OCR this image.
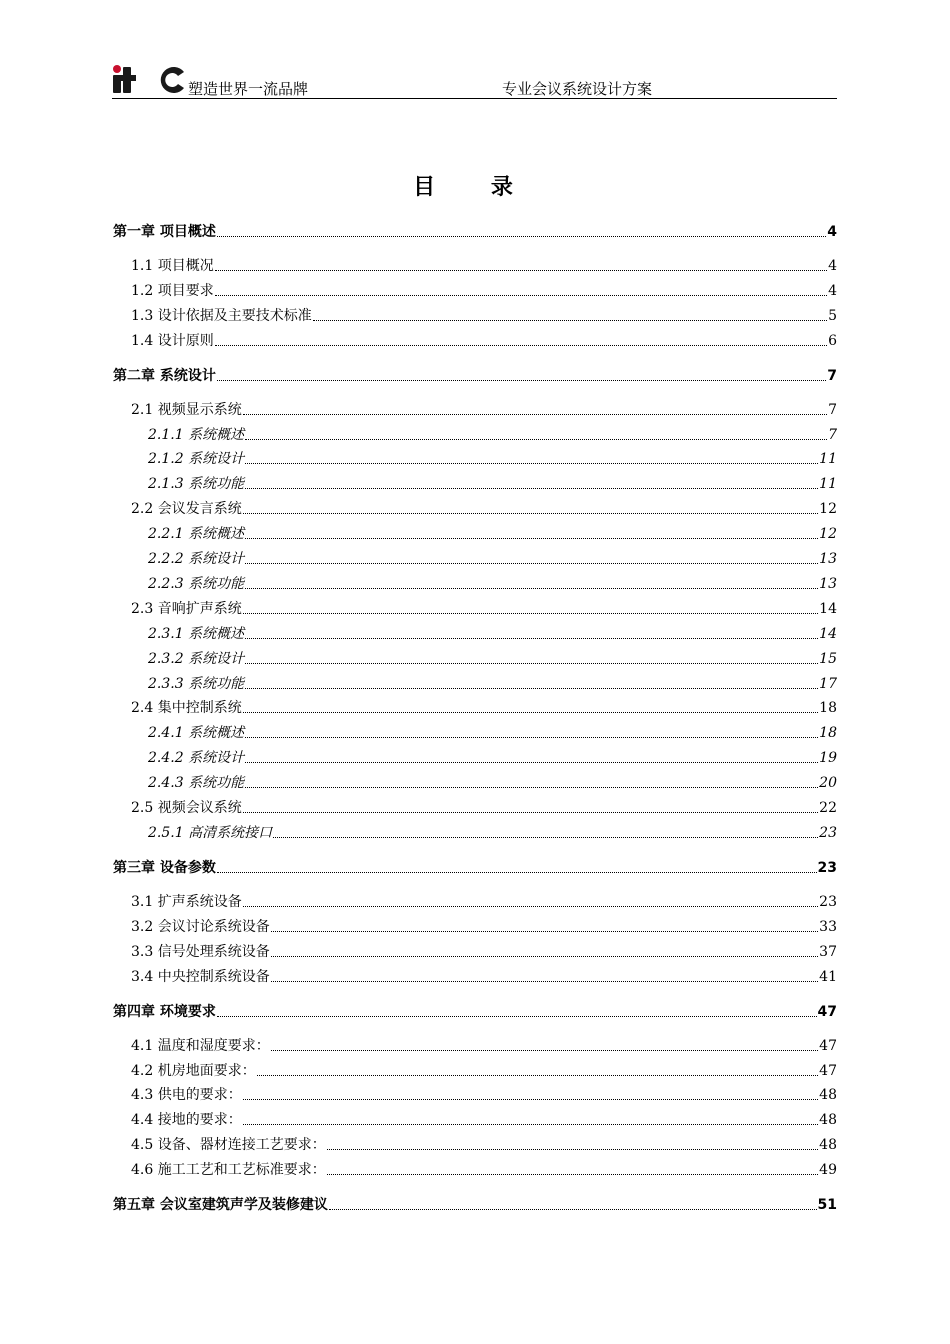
塑造世界一流品牌	专业会议系统设计方案
目 录
第一章 项目概述	4
1.1 项目概况	4
1.2 项目要求	4
1.3 设计依据及主要技术标准	5
1.4 设计原则	6
第二章 系统设计	7
2.1 视频显示系统	7
2.1.1 系统概述	7
2.1.2 系统设计	11
2.1.3 系统功能	11
2.2 会议发言系统	12
2.2.1 系统概述	12
2.2.2 系统设计	13
2.2.3 系统功能	13
2.3 音响扩声系统	14
2.3.1 系统概述	14
2.3.2 系统设计	15
2.3.3 系统功能	17
2.4 集中控制系统	18
2.4.1 系统概述	18
2.4.2 系统设计	19
2.4.3 系统功能	20
2.5 视频会议系统	22
2.5.1 高清系统接口	23
第三章 设备参数	23
3.1 扩声系统设备	23
3.2 会议讨论系统设备	33
3.3 信号处理系统设备	37
3.4 中央控制系统设备	41
第四章 环境要求	47
4.1 温度和湿度要求：	47
4.2 机房地面要求：	47
4.3 供电的要求：	48
4.4 接地的要求：	48
4.5 设备、器材连接工艺要求：	48
4.6 施工工艺和工艺标准要求：	49
第五章 会议室建筑声学及装修建议	51
